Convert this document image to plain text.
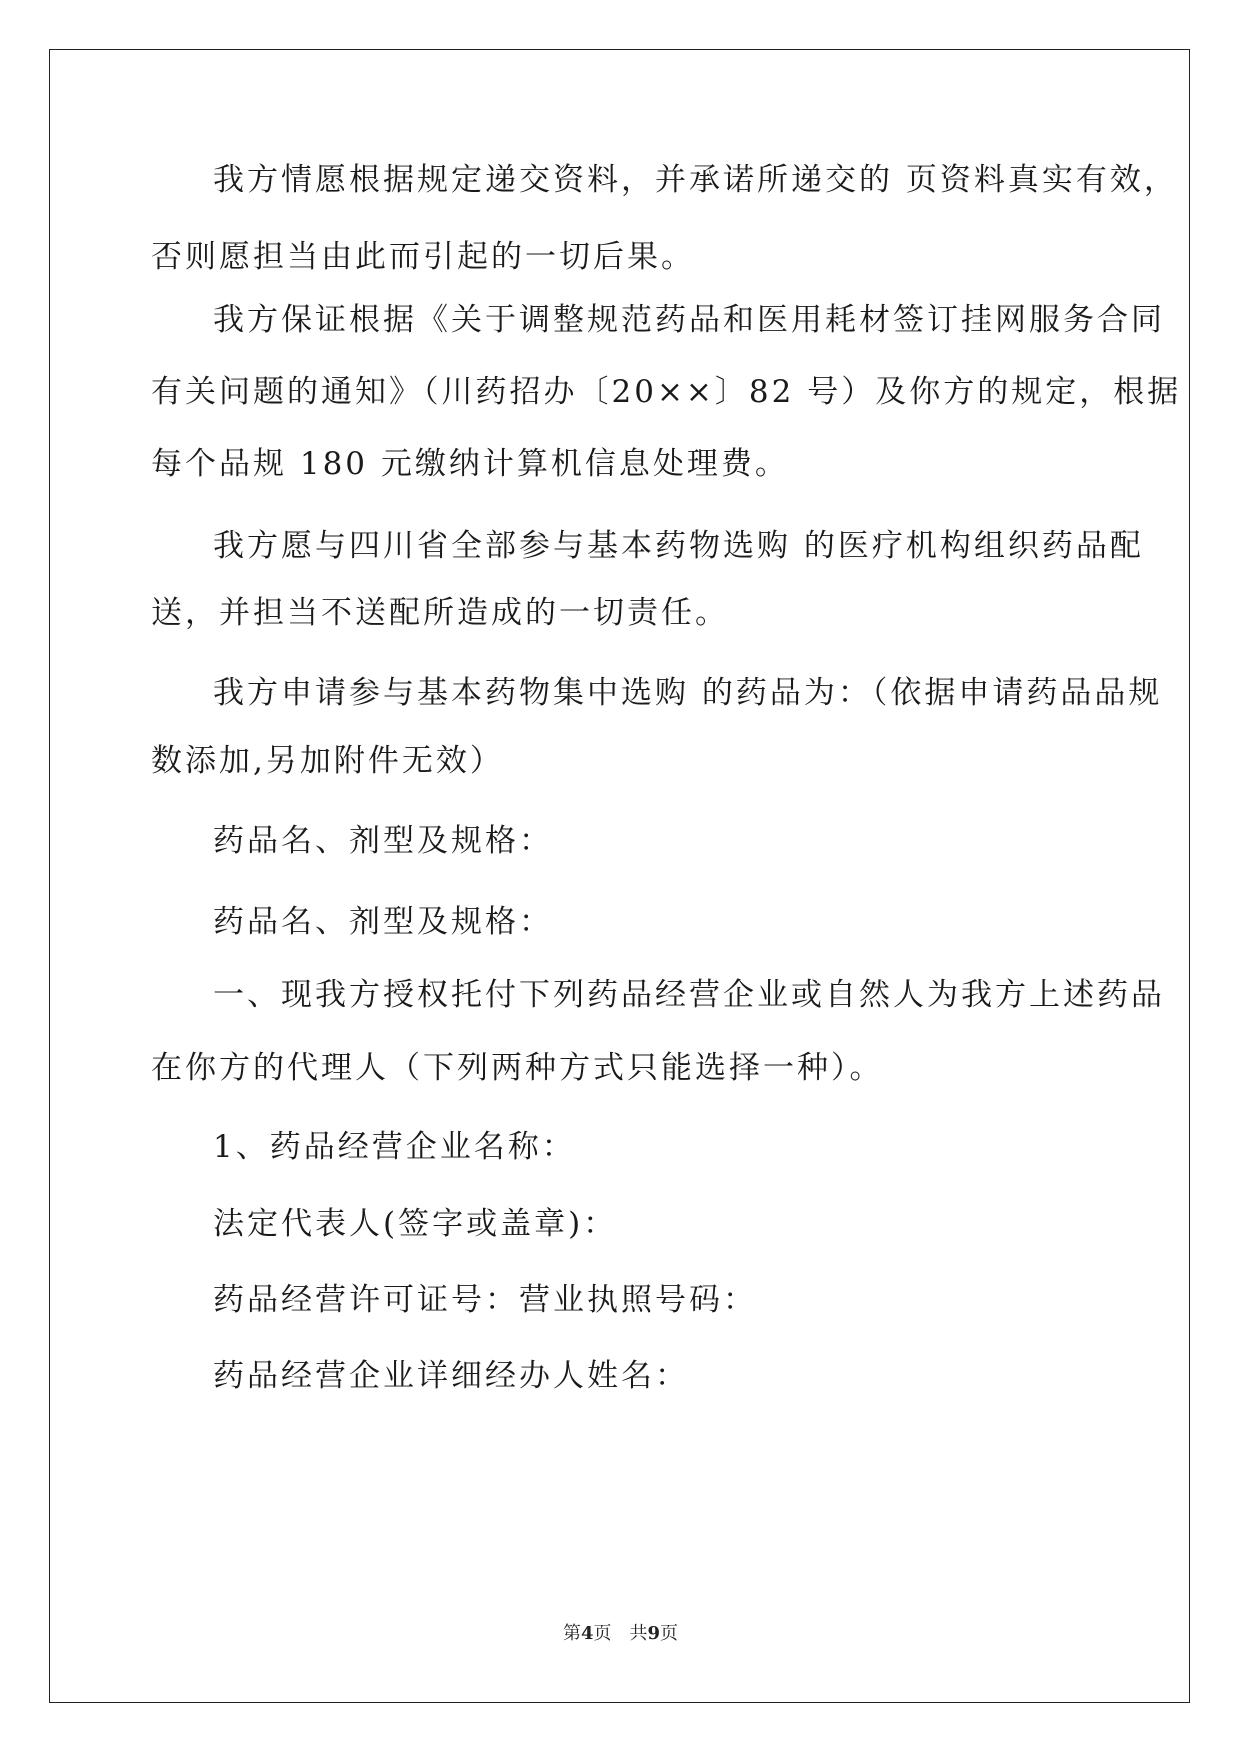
我方情愿根据规定递交资料，并承诺所递交的 页资料真实有效，
否则愿担当由此而引起的一切后果。
我方保证根据《关于调整规范药品和医用耗材签订挂网服务合同
有关问题的通知》（川药招办〔20××〕82 号）及你方的规定，根据
每个品规 180 元缴纳计算机信息处理费。
我方愿与四川省全部参与基本药物选购 的医疗机构组织药品配
送，并担当不送配所造成的一切责任。
我方申请参与基本药物集中选购 的药品为：（依据申请药品品规
数添加,另加附件无效）
药品名、剂型及规格：
药品名、剂型及规格：
一、现我方授权托付下列药品经营企业或自然人为我方上述药品
在你方的代理人（下列两种方式只能选择一种）。
1、药品经营企业名称：
法定代表人(签字或盖章)：
药品经营许可证号：营业执照号码：
药品经营企业详细经办人姓名：
第4页 共9页
